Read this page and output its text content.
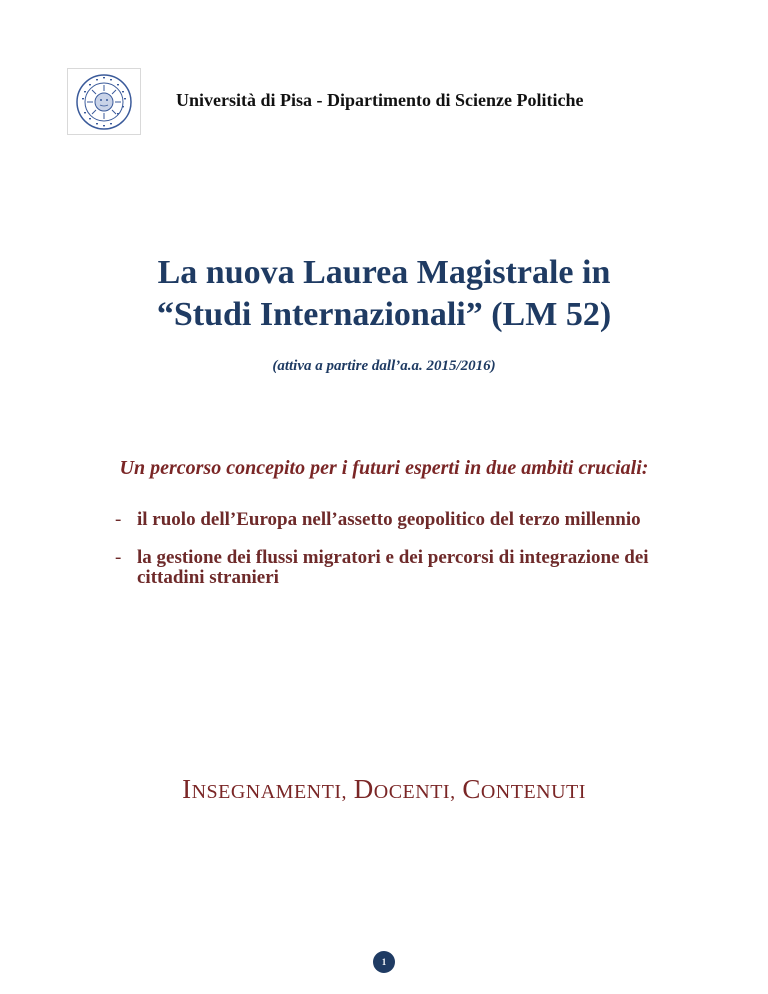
Università di Pisa - Dipartimento di Scienze Politiche
La nuova Laurea Magistrale in
“Studi Internazionali” (LM 52)
(attiva a partire dall’a.a. 2015/2016)
Un percorso concepito per i futuri esperti in due ambiti cruciali:
- il ruolo dell’Europa nell’assetto geopolitico del terzo millennio
- la gestione dei flussi migratori e dei percorsi di integrazione dei cittadini stranieri
INSEGNAMENTI, DOCENTI, CONTENUTI
1
